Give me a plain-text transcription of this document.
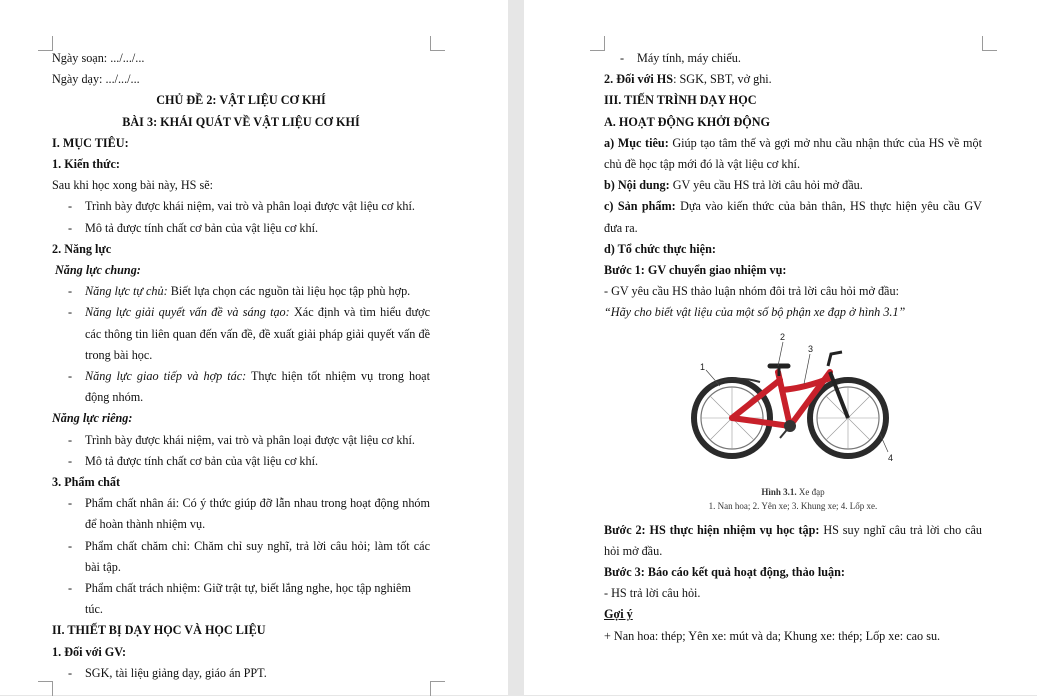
Ngày soạn: .../.../...
Ngày dạy: .../.../...
CHỦ ĐỀ 2: VẬT LIỆU CƠ KHÍ
BÀI 3: KHÁI QUÁT VỀ VẬT LIỆU CƠ KHÍ
I. MỤC TIÊU:
1. Kiến thức:
Sau khi học xong bài này, HS sẽ:
- Trình bày được khái niệm, vai trò và phân loại được vật liệu cơ khí.
- Mô tả được tính chất cơ bản của vật liệu cơ khí.
2. Năng lực
Năng lực chung:
- Năng lực tự chủ: Biết lựa chọn các nguồn tài liệu học tập phù hợp.
- Năng lực giải quyết vấn đề và sáng tạo: Xác định và tìm hiểu được các thông tin liên quan đến vấn đề, đề xuất giải pháp giải quyết vấn đề trong bài học.
- Năng lực giao tiếp và hợp tác: Thực hiện tốt nhiệm vụ trong hoạt động nhóm.
Năng lực riêng:
- Trình bày được khái niệm, vai trò và phân loại được vật liệu cơ khí.
- Mô tả được tính chất cơ bản của vật liệu cơ khí.
3. Phẩm chất
- Phẩm chất nhân ái: Có ý thức giúp đỡ lẫn nhau trong hoạt động nhóm để hoàn thành nhiệm vụ.
- Phẩm chất chăm chỉ: Chăm chỉ suy nghĩ, trả lời câu hỏi; làm tốt các bài tập.
- Phẩm chất trách nhiệm: Giữ trật tự, biết lắng nghe, học tập nghiêm túc.
II. THIẾT BỊ DẠY HỌC VÀ HỌC LIỆU
1. Đối với GV:
- SGK, tài liệu giảng dạy, giáo án PPT.
- Máy tính, máy chiếu.
2. Đối với HS: SGK, SBT, vở ghi.
III. TIẾN TRÌNH DẠY HỌC
A. HOẠT ĐỘNG KHỞI ĐỘNG
a) Mục tiêu: Giúp tạo tâm thế và gợi mở nhu cầu nhận thức của HS về một chủ đề học tập mới đó là vật liệu cơ khí.
b) Nội dung: GV yêu cầu HS trả lời câu hỏi mở đầu.
c) Sản phẩm: Dựa vào kiến thức của bản thân, HS thực hiện yêu cầu GV đưa ra.
d) Tổ chức thực hiện:
Bước 1: GV chuyển giao nhiệm vụ:
- GV yêu cầu HS thảo luận nhóm đôi trả lời câu hỏi mở đầu:
“Hãy cho biết vật liệu của một số bộ phận xe đạp ở hình 3.1”
1
2
3
4
Hình 3.1. Xe đạp
1. Nan hoa; 2. Yên xe; 3. Khung xe; 4. Lốp xe.
Bước 2: HS thực hiện nhiệm vụ học tập: HS suy nghĩ câu trả lời cho câu hỏi mở đầu.
Bước 3: Báo cáo kết quả hoạt động, thảo luận:
- HS trả lời câu hỏi.
Gợi ý
+ Nan hoa: thép; Yên xe: mút và da; Khung xe: thép; Lốp xe: cao su.
